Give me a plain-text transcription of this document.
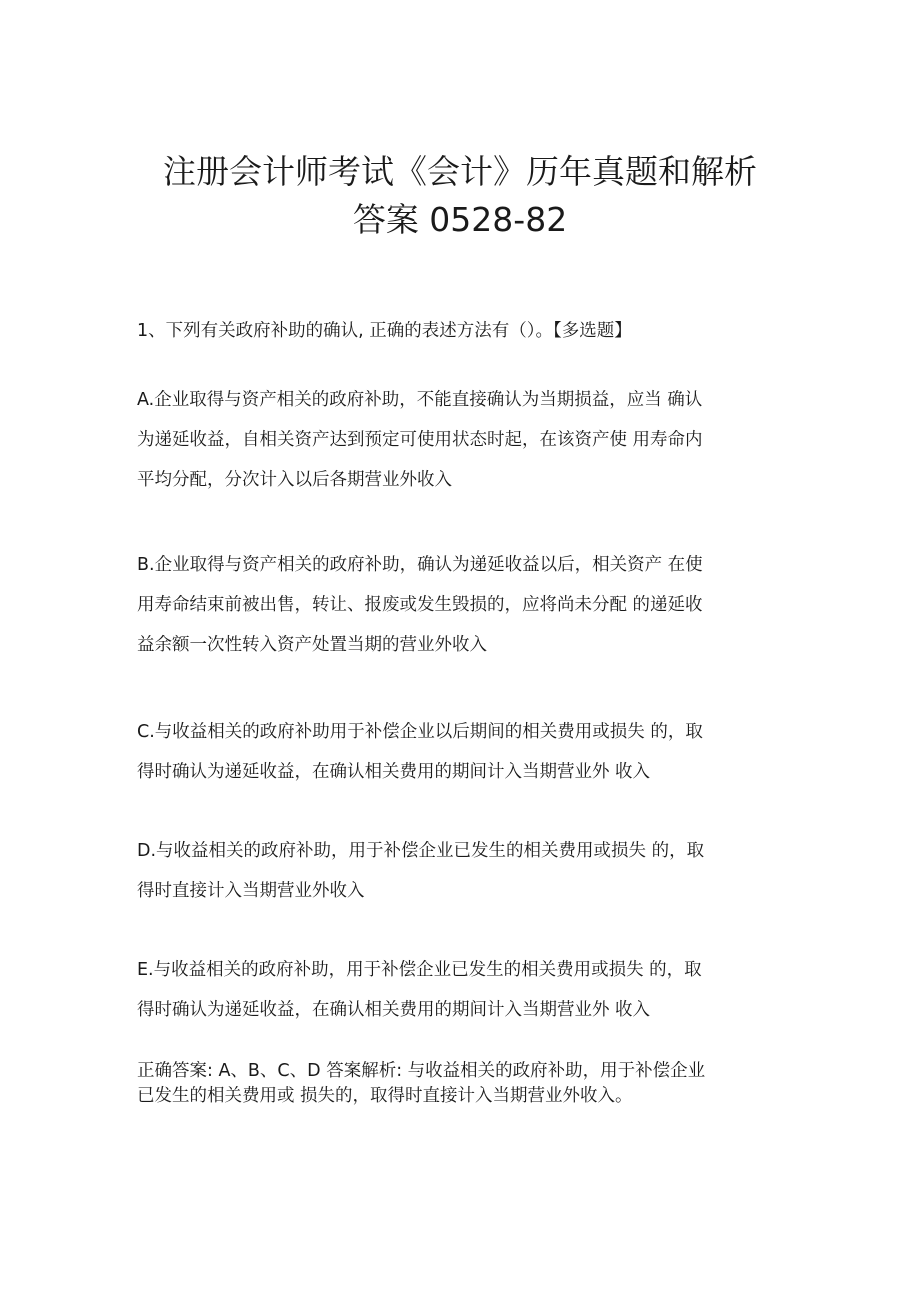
注册会计师考试《会计》历年真题和解析
答案 0528-82

1、下列有关政府补助的确认, 正确的表述方法有（）。【多选题】

A.企业取得与资产相关的政府补助，不能直接确认为当期损益，应当 确认
为递延收益，自相关资产达到预定可使用状态时起，在该资产使 用寿命内
平均分配，分次计入以后各期营业外收入
B.企业取得与资产相关的政府补助，确认为递延收益以后，相关资产 在使
用寿命结束前被出售，转让、报废或发生毁损的，应将尚未分配 的递延收
益余额一次性转入资产处置当期的营业外收入
C.与收益相关的政府补助用于补偿企业以后期间的相关费用或损失 的，取
得时确认为递延收益，在确认相关费用的期间计入当期营业外 收入
D.与收益相关的政府补助，用于补偿企业已发生的相关费用或损失 的，取
得时直接计入当期营业外收入
E.与收益相关的政府补助，用于补偿企业已发生的相关费用或损失 的，取
得时确认为递延收益，在确认相关费用的期间计入当期营业外 收入
正确答案: A、B、C、D 答案解析: 与收益相关的政府补助，用于补偿企业
已发生的相关费用或 损失的，取得时直接计入当期营业外收入。
